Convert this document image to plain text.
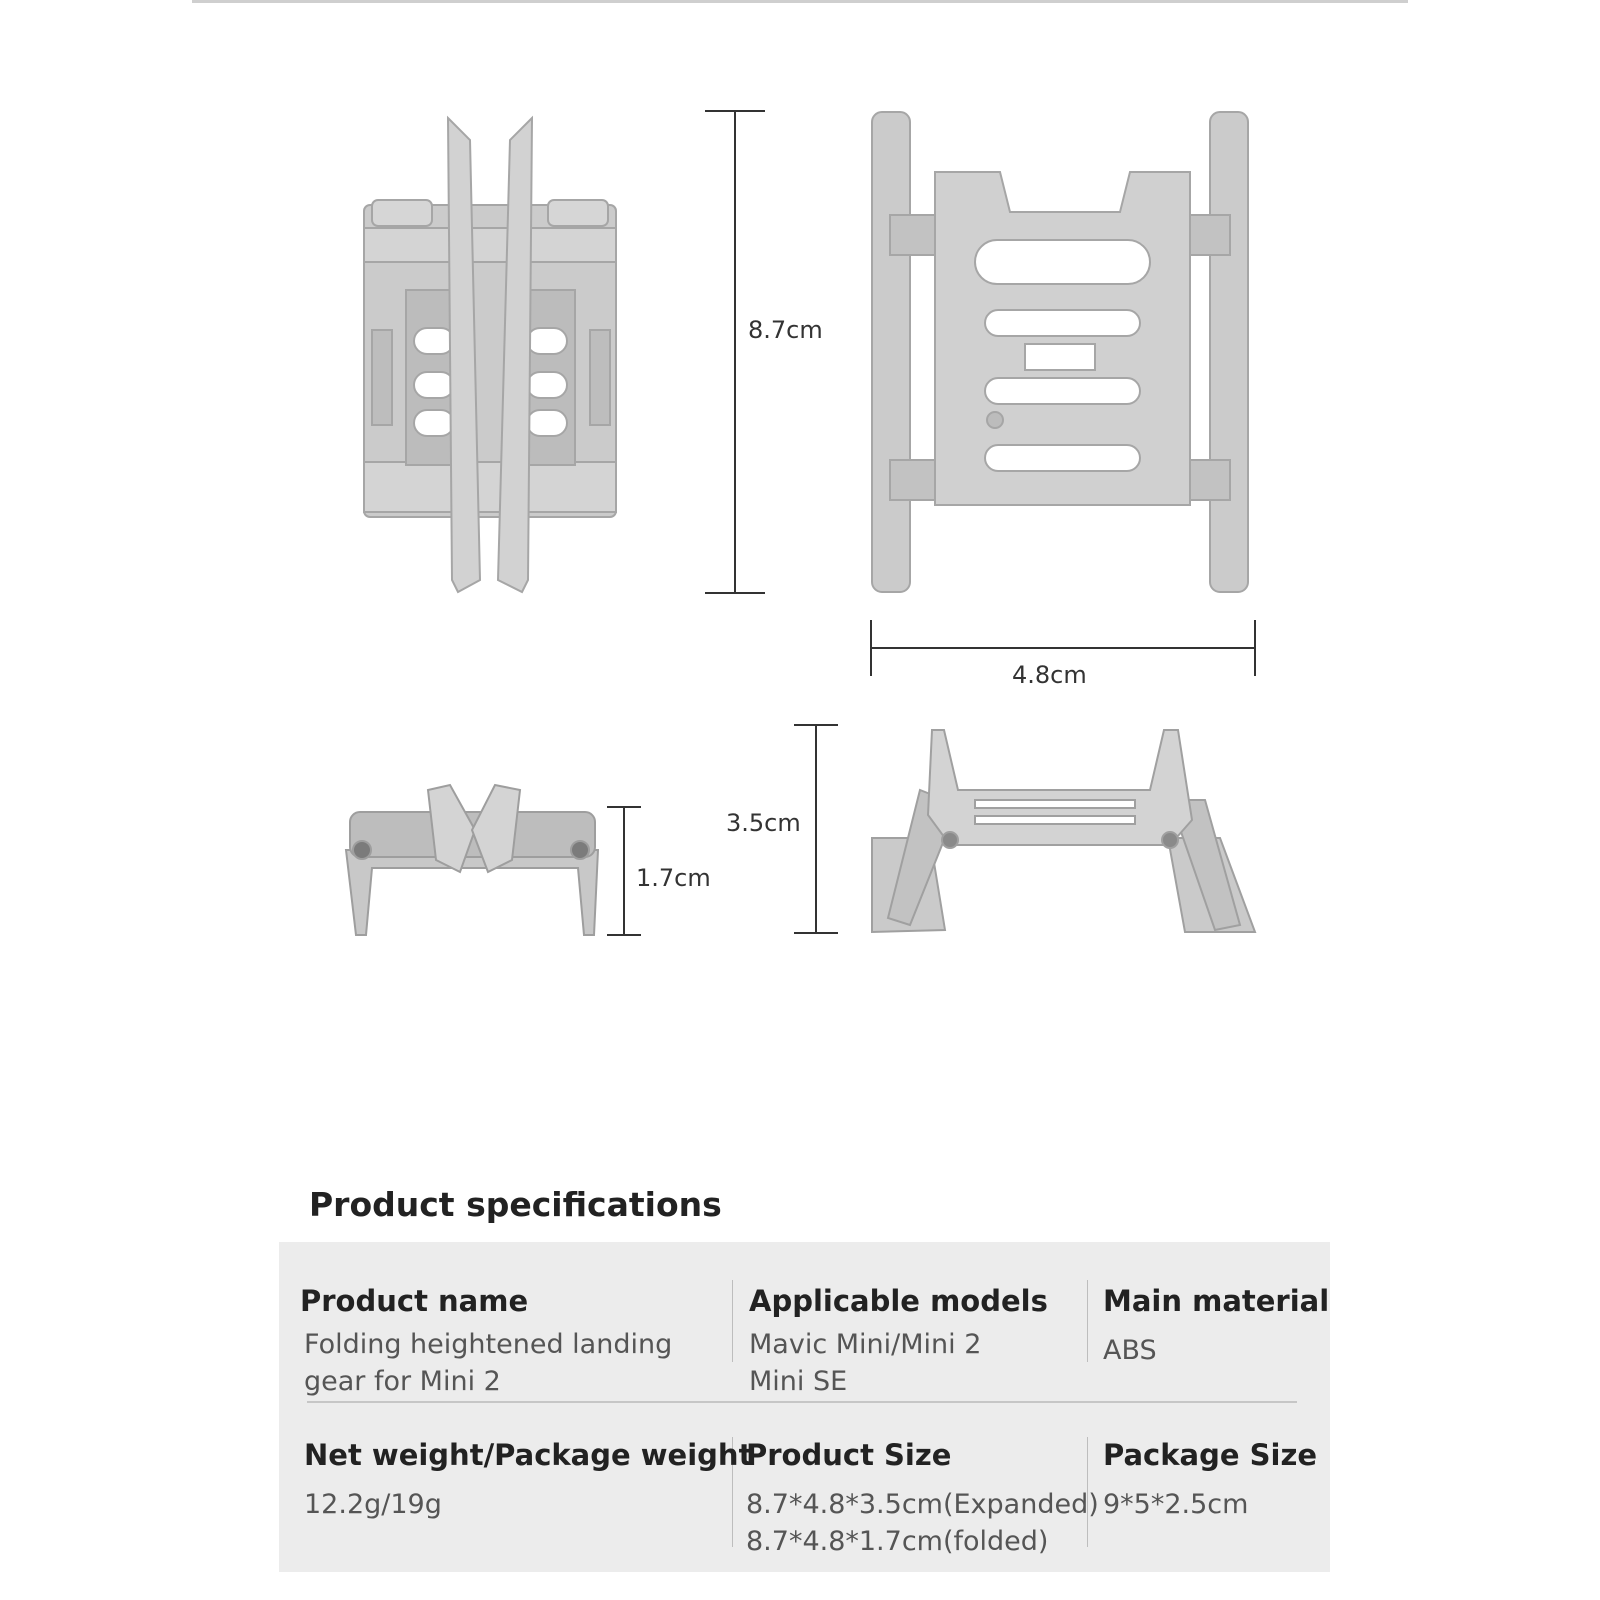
8.7cm
4.8cm
3.5cm
1.7cm
Product specifications
Product name
Folding heightened landing
gear for Mini 2
Applicable models
Mavic Mini/Mini 2
Mini SE
Main material
ABS
Net weight/Package weight
12.2g/19g
Product Size
8.7*4.8*3.5cm(Expanded)
8.7*4.8*1.7cm(folded)
Package Size
9*5*2.5cm
